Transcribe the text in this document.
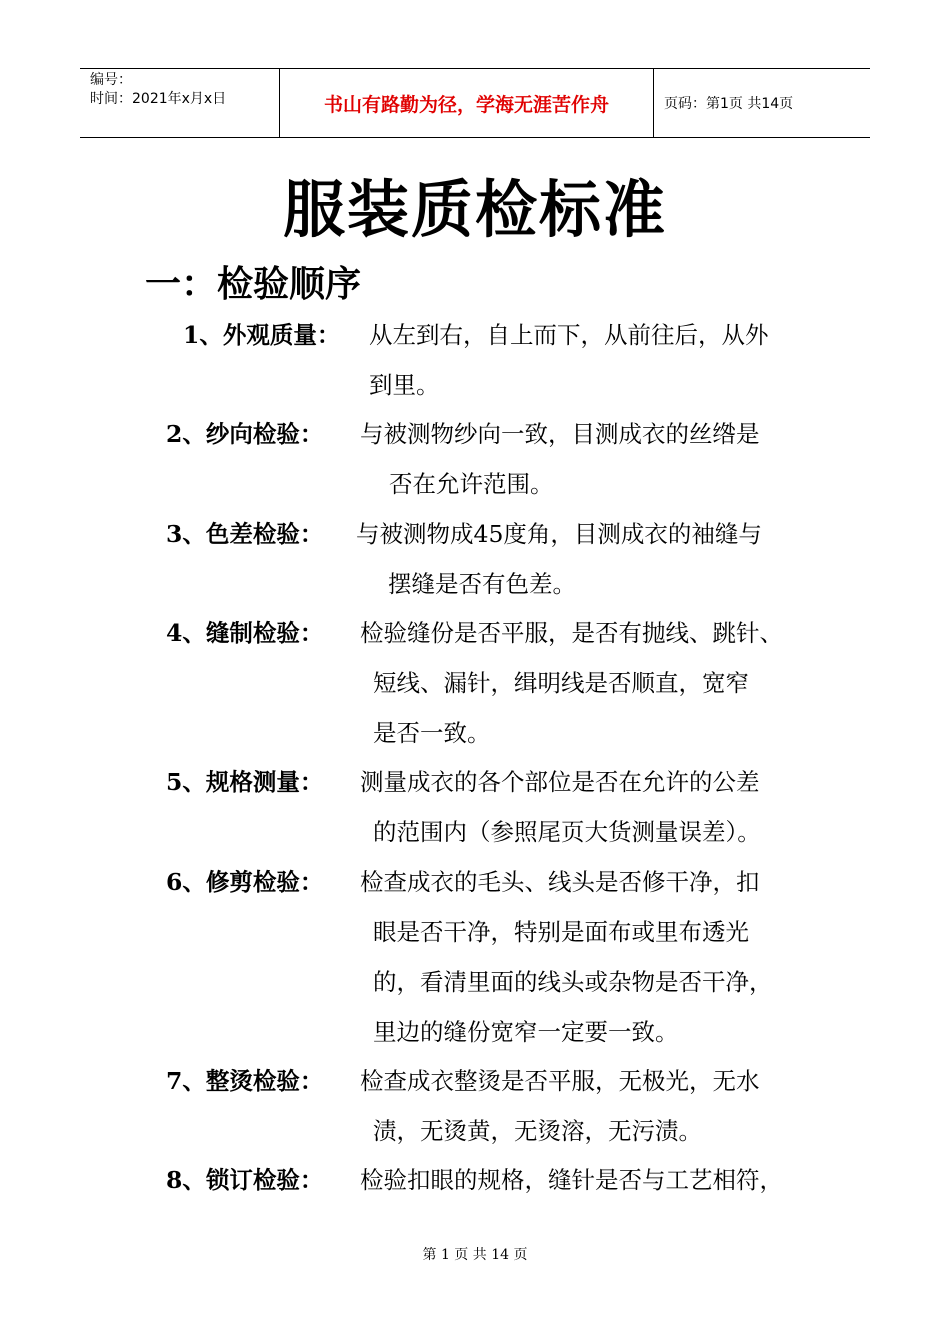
编号：
时间：2021年x月x日	书山有路勤为径，学海无涯苦作舟	页码：第1页 共14页
服装质检标准
一：检验顺序
1、外观质量： 从左到右，自上而下，从前往后，从外
到里。
2、纱向检验： 与被测物纱向一致，目测成衣的丝绺是
否在允许范围。
3、色差检验： 与被测物成45度角，目测成衣的袖缝与
摆缝是否有色差。
4、缝制检验： 检验缝份是否平服，是否有抛线、跳针、
短线、漏针，缉明线是否顺直，宽窄
是否一致。
5、规格测量： 测量成衣的各个部位是否在允许的公差
的范围内（参照尾页大货测量误差）。
6、修剪检验： 检查成衣的毛头、线头是否修干净，扣
眼是否干净，特别是面布或里布透光
的，看清里面的线头或杂物是否干净，
里边的缝份宽窄一定要一致。
7、整烫检验： 检查成衣整烫是否平服，无极光，无水
渍，无烫黄，无烫溶，无污渍。
8、锁订检验： 检验扣眼的规格，缝针是否与工艺相符，
第 1 页 共 14 页
